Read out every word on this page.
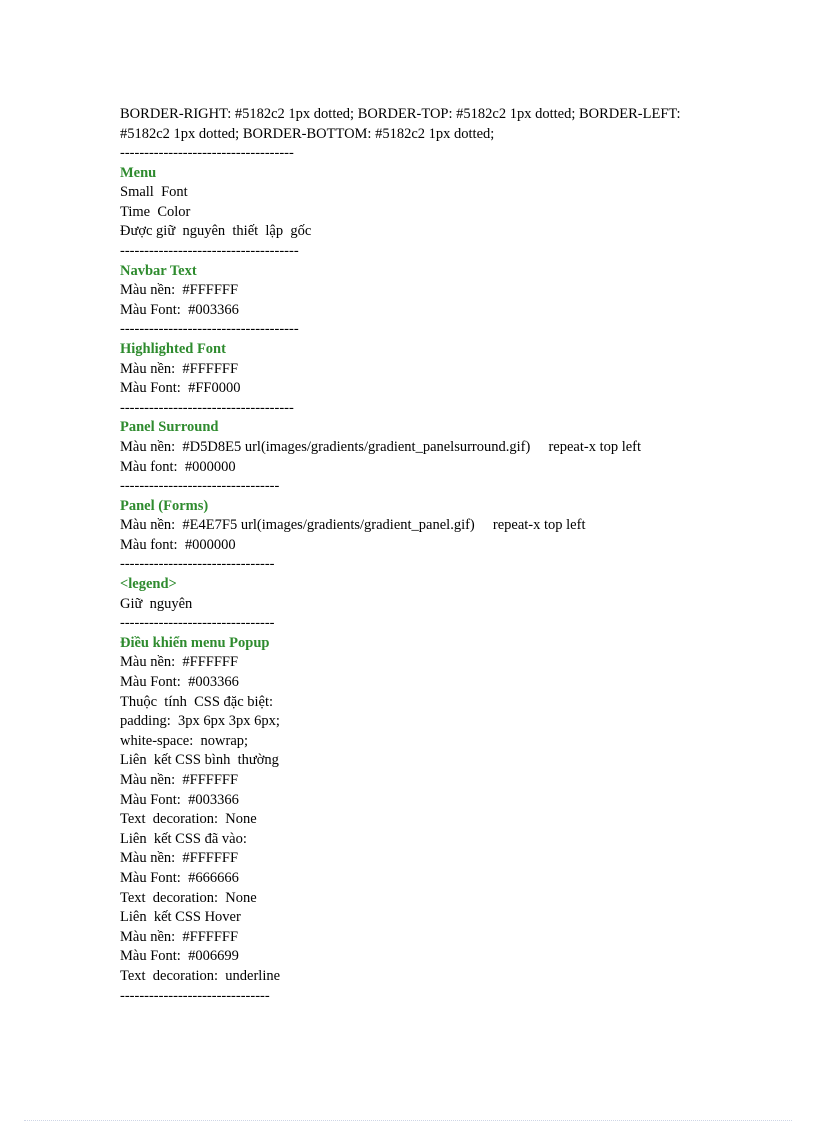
BORDER-RIGHT: #5182c2 1px dotted; BORDER-TOP: #5182c2 1px dotted; BORDER-LEFT: #5182c2 1px dotted; BORDER-BOTTOM: #5182c2 1px dotted;

------------------------------------
Menu
Small  Font
Time  Color
Được giữ  nguyên  thiết  lập  gốc
-------------------------------------
Navbar Text
Màu nền:  #FFFFFF
Màu Font:  #003366
-------------------------------------
Highlighted Font
Màu nền:  #FFFFFF
Màu Font:  #FF0000
------------------------------------
Panel Surround
Màu nền:  #D5D8E5 url(images/gradients/gradient_panelsurround.gif)     repeat-x top left
Màu font:  #000000
---------------------------------
Panel (Forms)
Màu nền:  #E4E7F5 url(images/gradients/gradient_panel.gif)     repeat-x top left
Màu font:  #000000
--------------------------------
<legend>
Giữ  nguyên
--------------------------------
Điều khiển menu Popup
Màu nền:  #FFFFFF
Màu Font:  #003366
Thuộc  tính  CSS đặc biệt:
padding:  3px 6px 3px 6px;
white-space:  nowrap;
Liên  kết CSS bình  thường
Màu nền:  #FFFFFF
Màu Font:  #003366
Text  decoration:  None
Liên  kết CSS đã vào:
Màu nền:  #FFFFFF
Màu Font:  #666666
Text  decoration:  None
Liên  kết CSS Hover
Màu nền:  #FFFFFF
Màu Font:  #006699
Text  decoration:  underline
-------------------------------
